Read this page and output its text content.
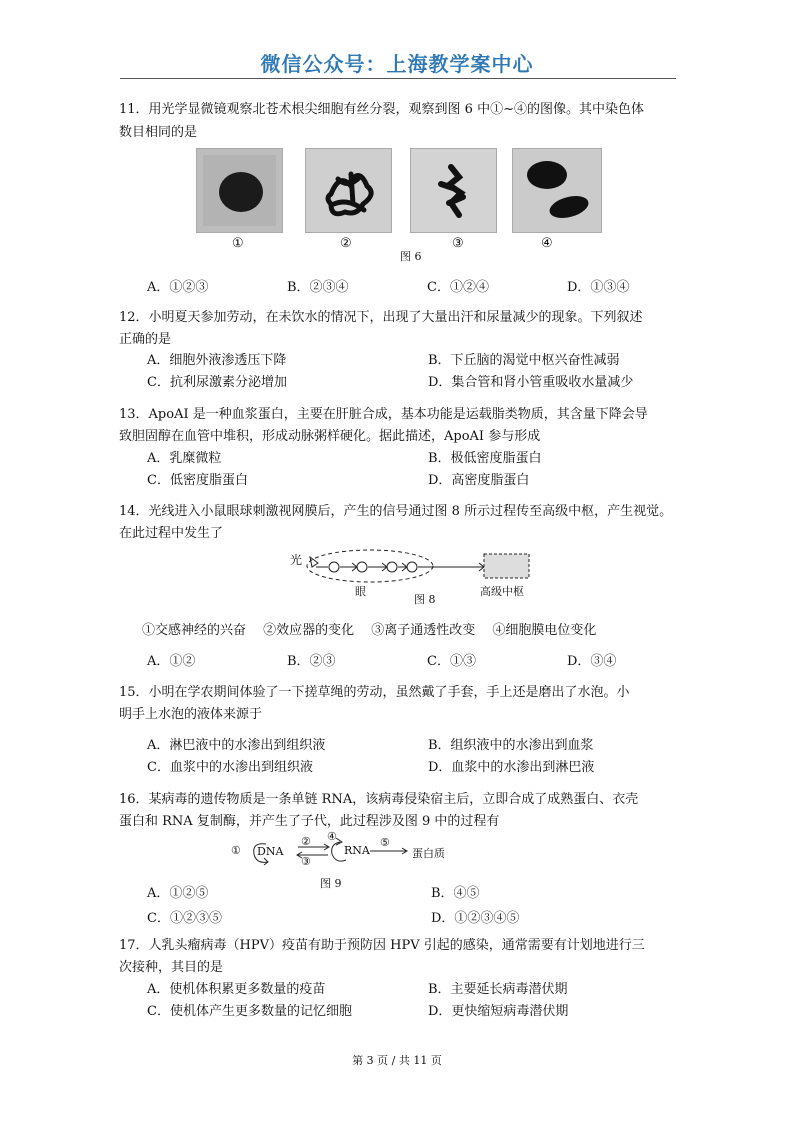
微信公众号：上海教学案中心
11．用光学显微镜观察北苍术根尖细胞有丝分裂，观察到图 6 中①~④的图像。其中染色体
数目相同的是
①	②	③	④
图 6
A．①②③	B．②③④	C．①②④	D．①③④
12．小明夏天参加劳动，在未饮水的情况下，出现了大量出汗和尿量减少的现象。下列叙述
正确的是
A．细胞外液渗透压下降	B．下丘脑的渴觉中枢兴奋性减弱
C．抗利尿激素分泌增加	D．集合管和肾小管重吸收水量减少
13．ApoAI 是一种血浆蛋白，主要在肝脏合成，基本功能是运载脂类物质，其含量下降会导
致胆固醇在血管中堆积，形成动脉粥样硬化。据此描述，ApoAI 参与形成
A．乳糜微粒	B．极低密度脂蛋白
C．低密度脂蛋白	D．高密度脂蛋白
14．光线进入小鼠眼球刺激视网膜后，产生的信号通过图 8 所示过程传至高级中枢，产生视觉。
在此过程中发生了
光
眼
图 8
高级中枢
①交感神经的兴奋　 ②效应器的变化　 ③离子通透性改变　 ④细胞膜电位变化
A．①②	B．②③	C．①③	D．③④
15．小明在学农期间体验了一下搓草绳的劳动，虽然戴了手套，手上还是磨出了水泡。小
明手上水泡的液体来源于
A．淋巴液中的水渗出到组织液	B．组织液中的水渗出到血浆
C．血浆中的水渗出到组织液	D．血浆中的水渗出到淋巴液
16．某病毒的遗传物质是一条单链 RNA，该病毒侵染宿主后，立即合成了成熟蛋白、衣壳
蛋白和 RNA 复制酶，并产生了子代，此过程涉及图 9 中的过程有
① DNA
②
③
④
RNA
⑤
蛋白质
图 9
A．①②⑤	B．④⑤
C．①②③⑤	D．①②③④⑤
17．人乳头瘤病毒（HPV）疫苗有助于预防因 HPV 引起的感染，通常需要有计划地进行三
次接种，其目的是
A．使机体积累更多数量的疫苗	B．主要延长病毒潜伏期
C．使机体产生更多数量的记忆细胞	D．更快缩短病毒潜伏期
第 3 页 / 共 11 页
